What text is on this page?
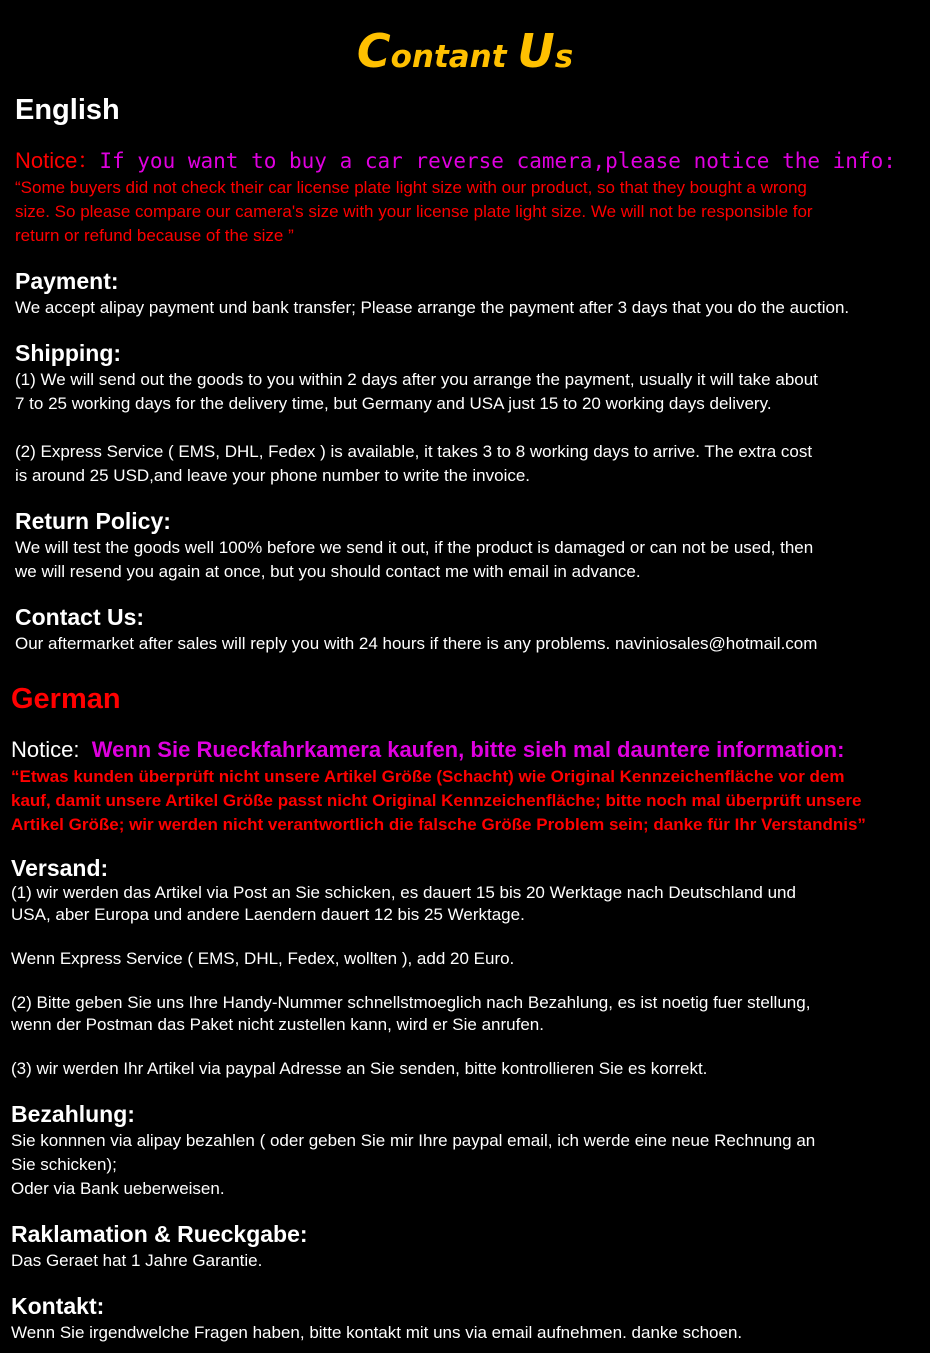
Contant Us
English
Notice：If you want to buy a car reverse camera,please notice the info:
“Some buyers did not check their car license plate light size with our product, so that they bought a wrong
size. So please compare our camera's size with your license plate light size. We will not be responsible for
return or refund because of the size ”
Payment:
We accept alipay payment und bank transfer; Please arrange the payment after 3 days that you do the auction.
Shipping:
(1) We will send out the goods to you within 2 days after you arrange the payment, usually it will take about
7 to 25 working days for the delivery time, but Germany and USA just 15 to 20 working days delivery.
(2) Express Service ( EMS, DHL, Fedex ) is available, it takes 3 to 8 working days to arrive. The extra cost
is around 25 USD,and leave your phone number to write the invoice.
Return Policy:
We will test the goods well 100% before we send it out, if the product is damaged or can not be used, then
we will resend you again at once, but you should contact me with email in advance.
Contact Us:
Our aftermarket after sales will reply you with 24 hours if there is any problems. naviniosales@hotmail.com
German
Notice: Wenn Sie Rueckfahrkamera kaufen, bitte sieh mal dauntere information:
“Etwas kunden überprüft nicht unsere Artikel Größe (Schacht) wie Original Kennzeichenfläche vor dem
kauf, damit unsere Artikel Größe passt nicht Original Kennzeichenfläche; bitte noch mal überprüft unsere
Artikel Größe; wir werden nicht verantwortlich die falsche Größe Problem sein; danke für Ihr Verstandnis”
Versand:
(1) wir werden das Artikel via Post an Sie schicken, es dauert 15 bis 20 Werktage nach Deutschland und
USA, aber Europa und andere Laendern dauert 12 bis 25 Werktage.
Wenn Express Service ( EMS, DHL, Fedex, wollten ), add 20 Euro.
(2) Bitte geben Sie uns Ihre Handy-Nummer schnellstmoeglich nach Bezahlung, es ist noetig fuer stellung,
wenn der Postman das Paket nicht zustellen kann, wird er Sie anrufen.
(3) wir werden Ihr Artikel via paypal Adresse an Sie senden, bitte kontrollieren Sie es korrekt.
Bezahlung:
Sie konnnen via alipay bezahlen ( oder geben Sie mir Ihre paypal email, ich werde eine neue Rechnung an
Sie schicken);
Oder via Bank ueberweisen.
Raklamation & Rueckgabe:
Das Geraet hat 1 Jahre Garantie.
Kontakt:
Wenn Sie irgendwelche Fragen haben, bitte kontakt mit uns via email aufnehmen. danke schoen.
